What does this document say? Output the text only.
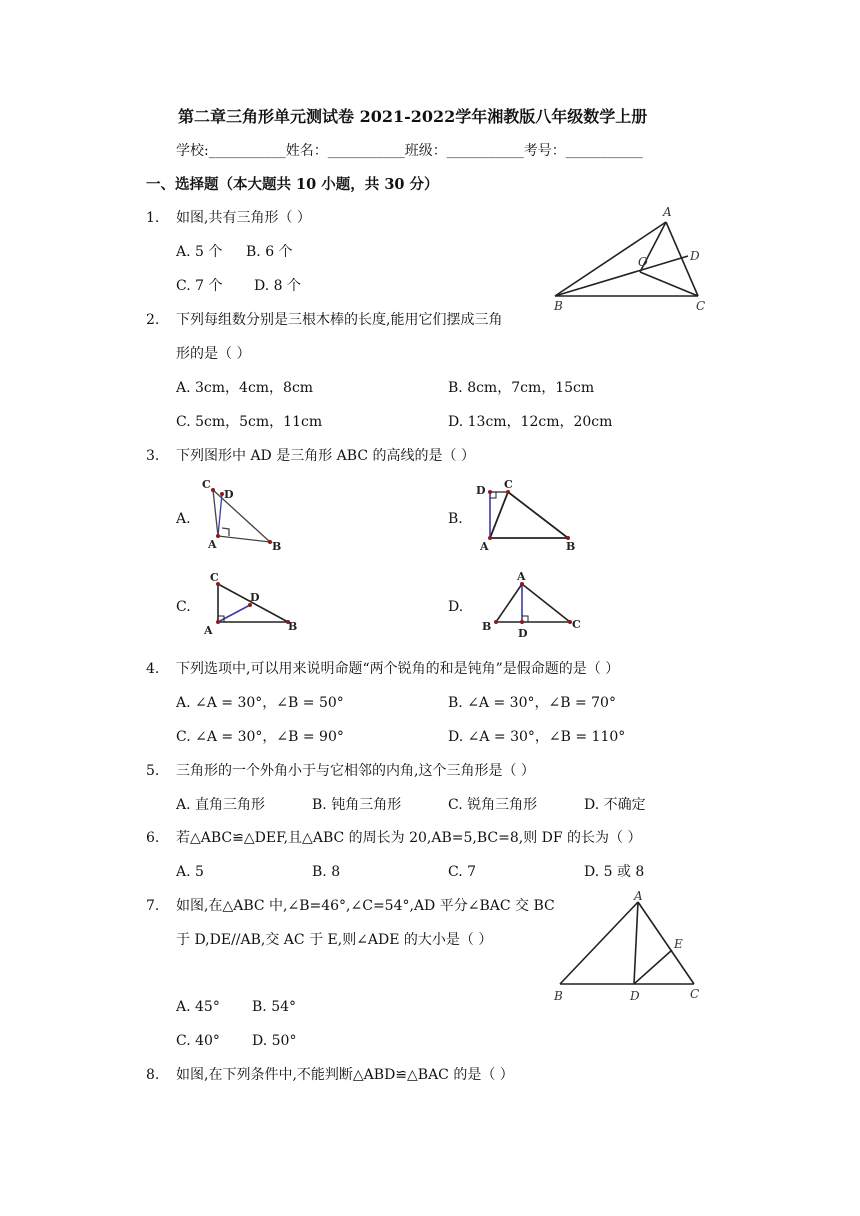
第二章三角形单元测试卷 2021-2022学年湘教版八年级数学上册
学校:___________姓名：___________班级：___________考号：___________
一、选择题（本大题共 10 小题，共 30 分）
1. 如图,共有三角形（ ）
A. 5 个 B. 6 个
C. 7 个 D. 8 个
A
D
O
B	C
2. 下列每组数分别是三根木棒的长度,能用它们摆成三角
形的是（ ）
A. 3cm，4cm，8cm	B. 8cm，7cm，15cm
C. 5cm，5cm，11cm	D. 13cm，12cm，20cm
3. 下列图形中 AD 是三角形 ABC 的高线的是（ ）
A.
C
D
A	B
B.
D C
A	B
C.
C
D
A	B
D.
A
B
D
C
4. 下列选项中,可以用来说明命题“两个锐角的和是钝角”是假命题的是（ ）
A. ∠A = 30°，∠B = 50°	B. ∠A = 30°，∠B = 70°
C. ∠A = 30°，∠B = 90°	D. ∠A = 30°，∠B = 110°
5. 三角形的一个外角小于与它相邻的内角,这个三角形是（ ）
A. 直角三角形	B. 钝角三角形	C. 锐角三角形	D. 不确定
6. 若△ABC≌△DEF,且△ABC 的周长为 20,AB=5,BC=8,则 DF 的长为（ ）
A. 5	B. 8	C. 7	D. 5 或 8
7. 如图,在△ABC 中,∠B=46°,∠C=54°,AD 平分∠BAC 交 BC
于 D,DE//AB,交 AC 于 E,则∠ADE 的大小是（ ）
A. 45° B. 54°
C. 40° D. 50°
A
E
B	D	C
8. 如图,在下列条件中,不能判断△ABD≌△BAC 的是（ ）
